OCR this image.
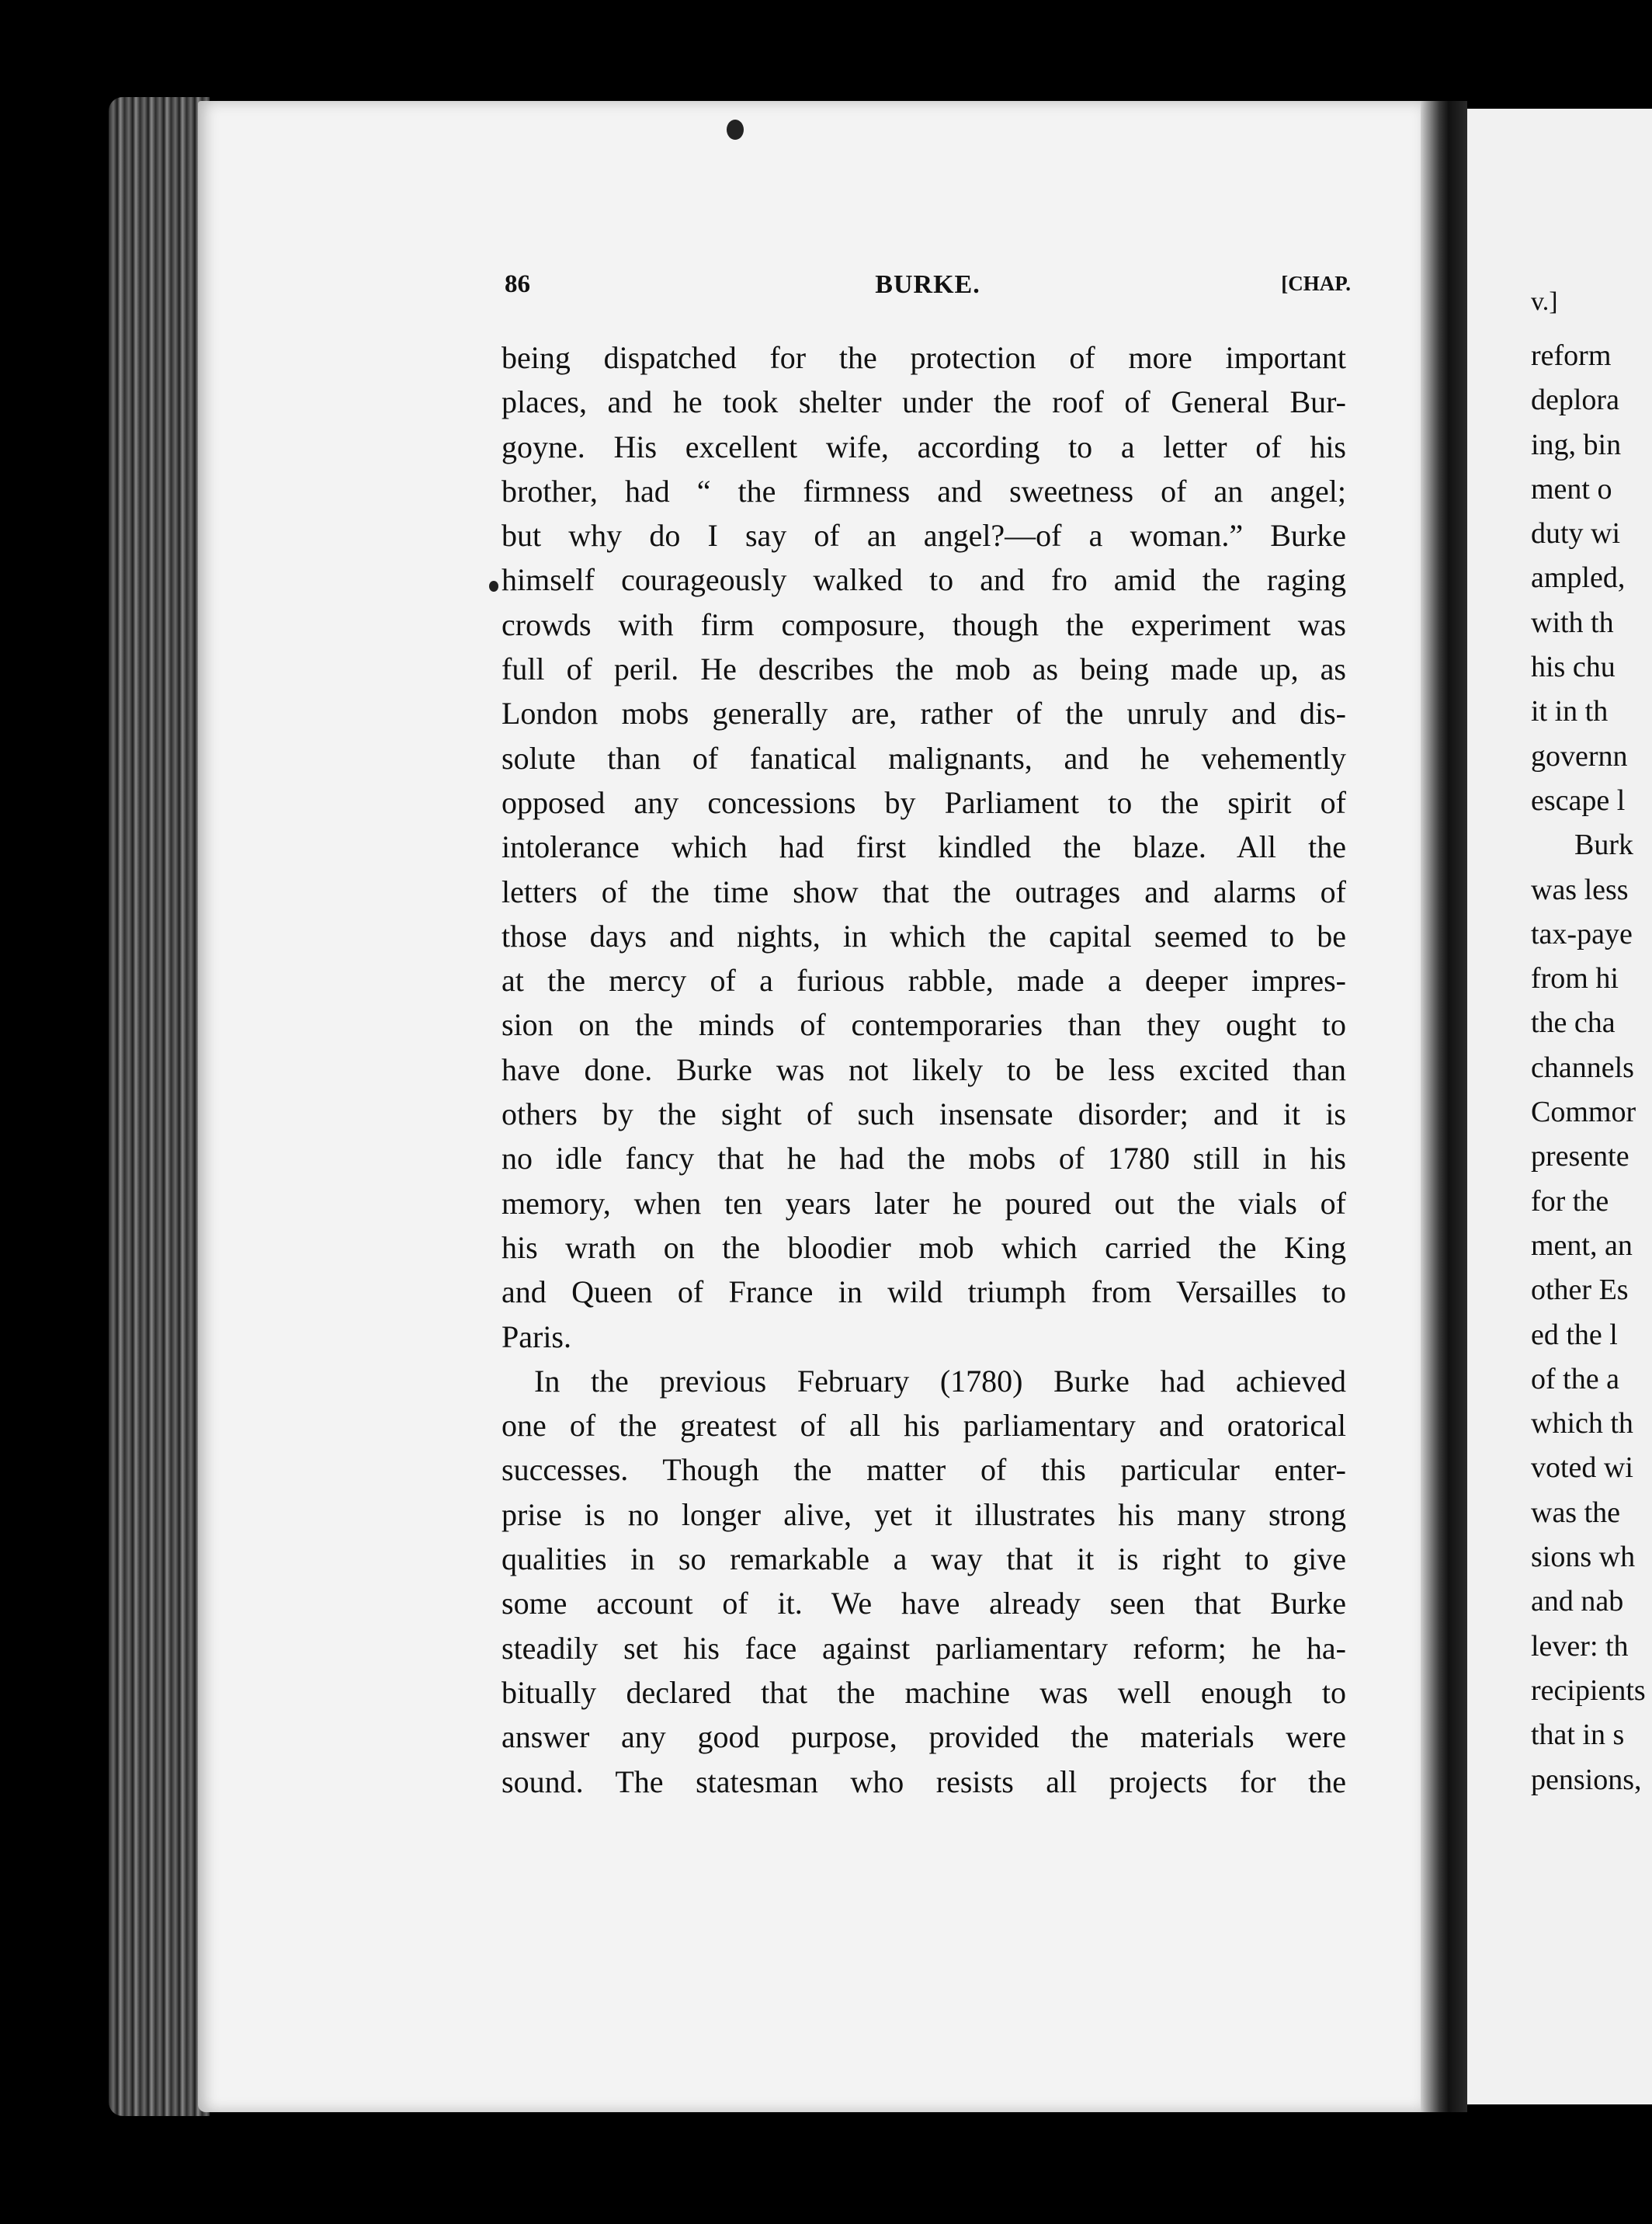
86	BURKE.	[CHAP.
being dispatched for the protection of more important
places, and he took shelter under the roof of General Bur-
goyne. His excellent wife, according to a letter of his
brother, had “ the firmness and sweetness of an angel;
but why do I say of an angel?—of a woman.” Burke
himself courageously walked to and fro amid the raging
crowds with firm composure, though the experiment was
full of peril. He describes the mob as being made up, as
London mobs generally are, rather of the unruly and dis-
solute than of fanatical malignants, and he vehemently
opposed any concessions by Parliament to the spirit of
intolerance which had first kindled the blaze. All the
letters of the time show that the outrages and alarms of
those days and nights, in which the capital seemed to be
at the mercy of a furious rabble, made a deeper impres-
sion on the minds of contemporaries than they ought to
have done. Burke was not likely to be less excited than
others by the sight of such insensate disorder; and it is
no idle fancy that he had the mobs of 1780 still in his
memory, when ten years later he poured out the vials of
his wrath on the bloodier mob which carried the King
and Queen of France in wild triumph from Versailles to
Paris.
In the previous February (1780) Burke had achieved
one of the greatest of all his parliamentary and oratorical
successes. Though the matter of this particular enter-
prise is no longer alive, yet it illustrates his many strong
qualities in so remarkable a way that it is right to give
some account of it. We have already seen that Burke
steadily set his face against parliamentary reform; he ha-
bitually declared that the machine was well enough to
answer any good purpose, provided the materials were
sound. The statesman who resists all projects for the
v.]
reform
deplora
ing, bin
ment o
duty wi
ampled,
with th
his chu
it in th
governn
escape l
Burk
was less
tax-paye
from hi
the cha
channels
Commor
presente
for the
ment, an
other Es
ed the l
of the a
which th
voted wi
was the
sions wh
and nab
lever: th
recipients
that in s
pensions,
